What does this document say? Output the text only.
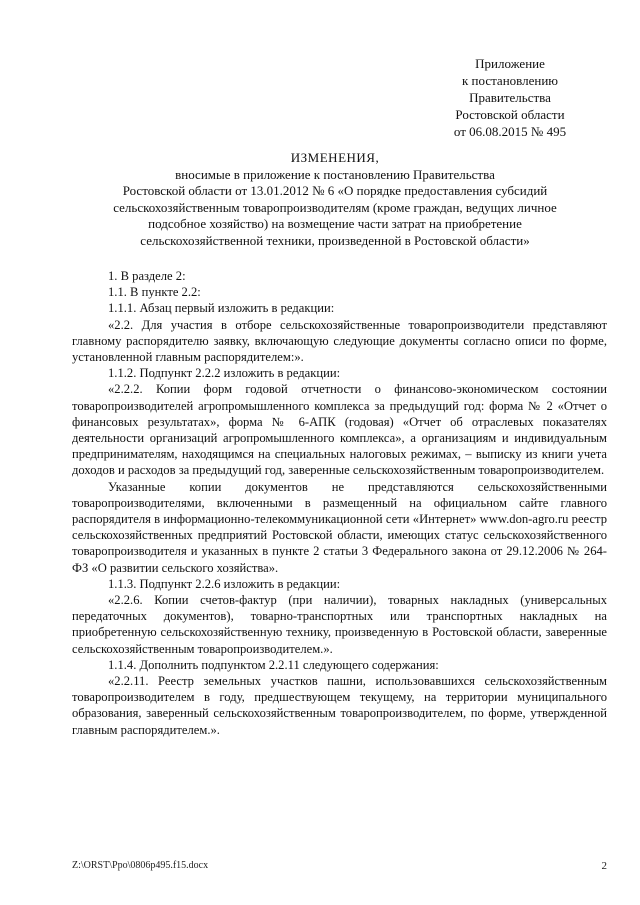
Приложение
к постановлению
Правительства
Ростовской области
от 06.08.2015 № 495
ИЗМЕНЕНИЯ,
вносимые в приложение к постановлению Правительства
Ростовской области от 13.01.2012 № 6 «О порядке предоставления субсидий
сельскохозяйственным товаропроизводителям (кроме граждан, ведущих личное
подсобное хозяйство) на возмещение части затрат на приобретение
сельскохозяйственной техники, произведенной в Ростовской области»

1. В разделе 2:

1.1. В пункте 2.2:

1.1.1. Абзац первый изложить в редакции:

«2.2. Для участия в отборе сельскохозяйственные товаропроизводители представляют главному распорядителю заявку, включающую следующие документы согласно описи по форме, установленной главным распорядителем:».

1.1.2. Подпункт 2.2.2 изложить в редакции:

«2.2.2. Копии форм годовой отчетности о финансово-экономическом состоянии товаропроизводителей агропромышленного комплекса за предыдущий год: форма № 2 «Отчет о финансовых результатах», форма № 6-АПК (годовая) «Отчет об отраслевых показателях деятельности организаций агропромышленного комплекса», а организациям и индивидуальным предпринимателям, находящимся на специальных налоговых режимах, – выписку из книги учета доходов и расходов за предыдущий год, заверенные сельскохозяйственным товаропроизводителем.

Указанные копии документов не представляются сельскохозяйственными товаропроизводителями, включенными в размещенный на официальном сайте главного распорядителя в информационно-телекоммуникационной сети «Интернет» www.don-agro.ru реестр сельскохозяйственных предприятий Ростовской области, имеющих статус сельскохозяйственного товаропроизводителя и указанных в пункте 2 статьи 3 Федерального закона от 29.12.2006 № 264-ФЗ «О развитии сельского хозяйства».

1.1.3. Подпункт 2.2.6 изложить в редакции:

«2.2.6. Копии счетов-фактур (при наличии), товарных накладных (универсальных передаточных документов), товарно-транспортных или транспортных накладных на приобретенную сельскохозяйственную технику, произведенную в Ростовской области, заверенные сельскохозяйственным товаропроизводителем.».

1.1.4. Дополнить подпунктом 2.2.11 следующего содержания:

«2.2.11. Реестр земельных участков пашни, использовавшихся сельскохозяйственным товаропроизводителем в году, предшествующем текущему, на территории муниципального образования, заверенный сельскохозяйственным товаропроизводителем, по форме, утвержденной главным распорядителем.».

Z:\ORST\Ppo\0806p495.f15.docx	2
